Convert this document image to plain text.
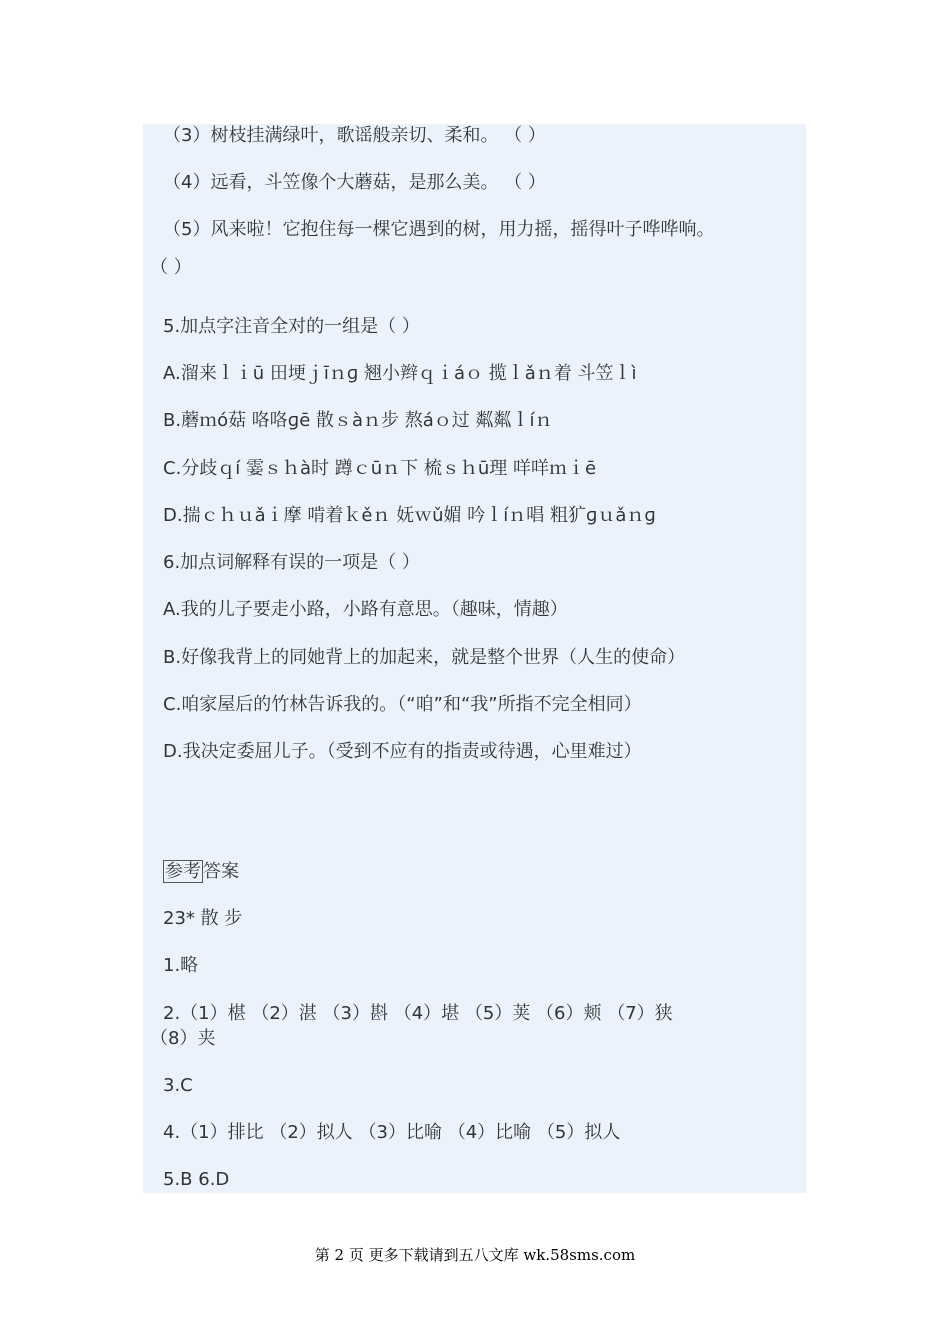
（3）树枝挂满绿叶，歌谣般亲切、柔和。 （ ）
（4）远看，斗笠像个大蘑菇，是那么美。 （ ）
（5）风来啦！它抱住每一棵它遇到的树，用力摇，摇得叶子哗哗响。
（ ）
5.加点字注音全对的一组是（ ）
A.溜来ｌｉū 田埂ｊīｎɡ 翘小辫ｑｉáｏ 揽ｌǎｎ着 斗笠ｌì
B.蘑ｍó菇 咯咯ɡē 散ｓàｎ步 熬áｏ过 粼粼ｌíｎ
C.分歧ｑí 霎ｓｈà时 蹲ｃūｎ下 梳ｓｈū理 咩咩ｍｉē
D.揣ｃｈｕǎｉ摩 啃着ｋěｎ 妩ｗǔ媚 吟ｌíｎ唱 粗犷ɡｕǎｎɡ
6.加点词解释有误的一项是（ ）
A.我的儿子要走小路，小路有意思。（趣味，情趣）
B.好像我背上的同她背上的加起来，就是整个世界（人生的使命）
C.咱家屋后的竹林告诉我的。（“咱”和“我”所指不完全相同）
D.我决定委屈儿子。（受到不应有的指责或待遇，心里难过）
参考 答案
23* 散 步
1.略
2.（1）椹 （2）湛 （3）斟 （4）堪 （5）荚 （6）颊 （7）狭
（8）夹
3.C
4.（1）排比 （2）拟人 （3）比喻 （4）比喻 （5）拟人
5.B 6.D
第 2 页 更多下载请到五八文库 wk.58sms.com
